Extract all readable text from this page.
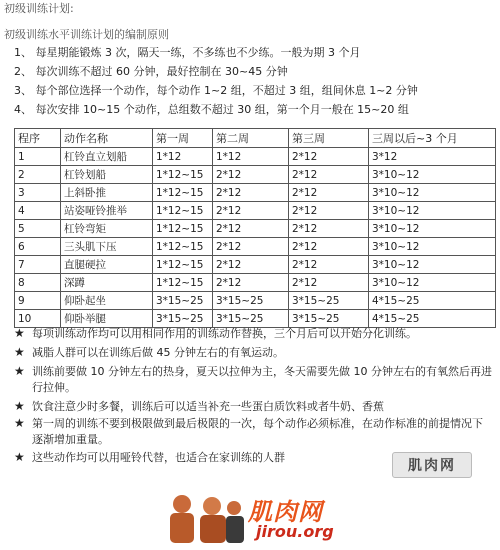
初级训练计划:
初级训练水平训练计划的编制原则
1、 每星期能锻炼 3 次，隔天一练，不多练也不少练。一般为期 3 个月
2、 每次训练不超过 60 分钟，最好控制在 30~45 分钟
3、 每个部位选择一个动作，每个动作 1~2 组，不超过 3 组，组间休息 1~2 分钟
4、 每次安排 10~15 个动作，总组数不超过 30 组，第一个月一般在 15~20 组
程序	动作名称	第一周	第二周	第三周	三周以后~3 个月
1	杠铃直立划船	1*12	1*12	2*12	3*12
2	杠铃划船	1*12~15	2*12	2*12	3*10~12
3	上斜卧推	1*12~15	2*12	2*12	3*10~12
4	站姿哑铃推举	1*12~15	2*12	2*12	3*10~12
5	杠铃弯矩	1*12~15	2*12	2*12	3*10~12
6	三头肌下压	1*12~15	2*12	2*12	3*10~12
7	直腿硬拉	1*12~15	2*12	2*12	3*10~12
8	深蹲	1*12~15	2*12	2*12	3*10~12
9	仰卧起坐	3*15~25	3*15~25	3*15~25	4*15~25
10	仰卧举腿	3*15~25	3*15~25	3*15~25	4*15~25
★ 每项训练动作均可以用相同作用的训练动作替换，三个月后可以开始分化训练。
★ 减脂人群可以在训练后做 45 分钟左右的有氧运动。
★ 训练前要做 10 分钟左右的热身，夏天以拉伸为主，冬天需要先做 10 分钟左右的有氧然后再进行拉伸。
★ 饮食注意少时多餐，训练后可以适当补充一些蛋白质饮料或者牛奶、香蕉
★ 第一周的训练不要到极限做到最后极限的一次，每个动作必须标准，在动作标准的前提情况下逐渐增加重量。
★ 这些动作均可以用哑铃代替，也适合在家训练的人群
肌肉网
肌肉网
jirou.org
